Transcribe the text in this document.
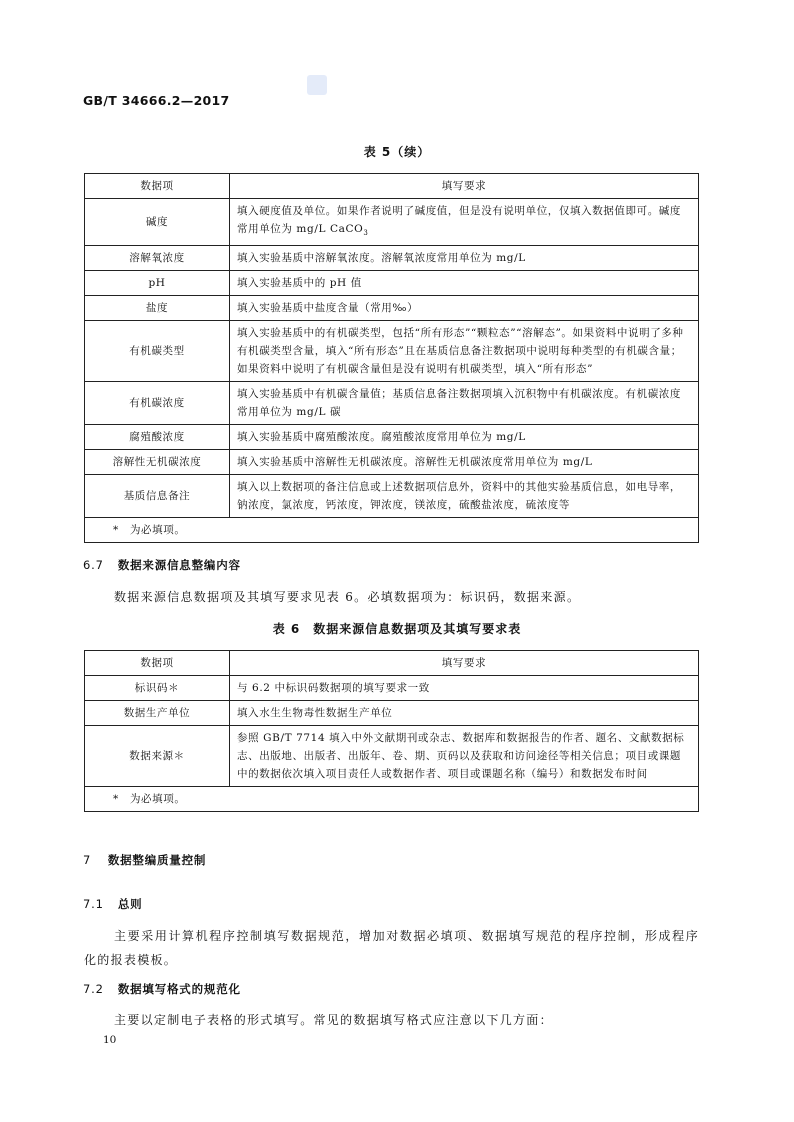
GB/T 34666.2—2017
表 5（续）
数据项	填写要求
碱度	填入硬度值及单位。如果作者说明了碱度值，但是没有说明单位，仅填入数据值即可。碱度常用单位为 mg/L CaCO$_3$
溶解氧浓度	填入实验基质中溶解氧浓度。溶解氧浓度常用单位为 mg/L
pH	填入实验基质中的 pH 值
盐度	填入实验基质中盐度含量（常用‰）
有机碳类型	填入实验基质中的有机碳类型，包括“所有形态”“颗粒态”“溶解态”。如果资料中说明了多种有机碳类型含量，填入“所有形态”且在基质信息备注数据项中说明每种类型的有机碳含量；如果资料中说明了有机碳含量但是没有说明有机碳类型，填入“所有形态”
有机碳浓度	填入实验基质中有机碳含量值；基质信息备注数据项填入沉积物中有机碳浓度。有机碳浓度常用单位为 mg/L 碳
腐殖酸浓度	填入实验基质中腐殖酸浓度。腐殖酸浓度常用单位为 mg/L
溶解性无机碳浓度	填入实验基质中溶解性无机碳浓度。溶解性无机碳浓度常用单位为 mg/L
基质信息备注	填入以上数据项的备注信息或上述数据项信息外，资料中的其他实验基质信息，如电导率，钠浓度，氯浓度，钙浓度，钾浓度，镁浓度，硫酸盐浓度，硫浓度等
*　为必填项。	
6.7 数据来源信息整编内容
数据来源信息数据项及其填写要求见表 6。必填数据项为：标识码，数据来源。
表 6　数据来源信息数据项及其填写要求表
数据项	填写要求
标识码＊	与 6.2 中标识码数据项的填写要求一致
数据生产单位	填入水生生物毒性数据生产单位
数据来源＊	参照 GB/T 7714 填入中外文献期刊或杂志、数据库和数据报告的作者、题名、文献数据标志、出版地、出版者、出版年、卷、期、页码以及获取和访问途径等相关信息；项目或课题中的数据依次填入项目责任人或数据作者、项目或课题名称（编号）和数据发布时间
*　为必填项。	
7 数据整编质量控制
7.1 总则
主要采用计算机程序控制填写数据规范，增加对数据必填项、数据填写规范的程序控制，形成程序化的报表模板。
7.2 数据填写格式的规范化
主要以定制电子表格的形式填写。常见的数据填写格式应注意以下几方面：
10
